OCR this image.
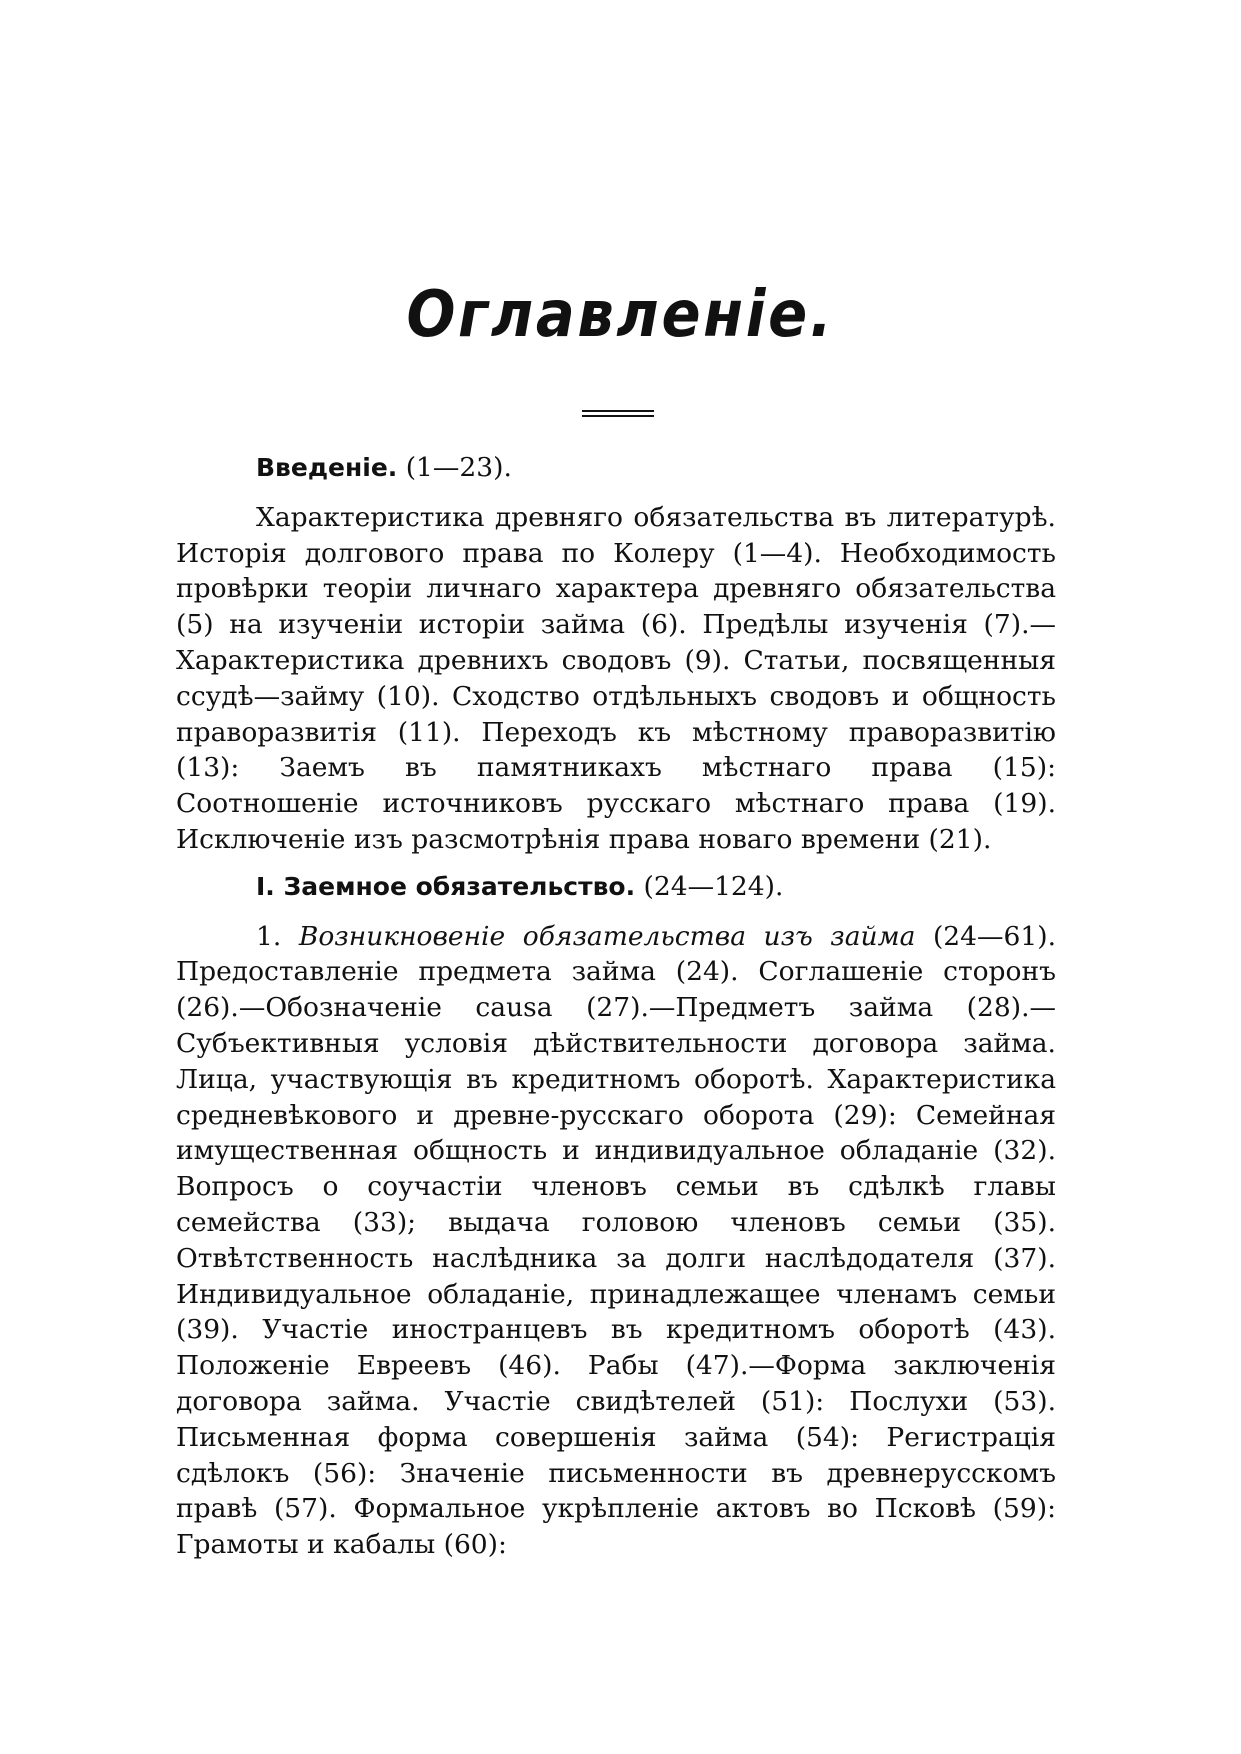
Оглавленіе.
Введеніе. (1—23).

Характеристика древняго обязательства въ литературѣ. Исторія долгового права по Колеру (1—4). Необходимость провѣрки теоріи личнаго характера древняго обязательства (5) на изученіи исторіи займа (6). Предѣлы изученія (7).—Характеристика древнихъ сводовъ (9). Статьи, посвященныя ссудѣ—займу (10). Сходство отдѣльныхъ сводовъ и общность праворазвитія (11). Переходъ къ мѣстному праворазвитію (13): Заемъ въ памятникахъ мѣстнаго права (15): Соотношеніе источниковъ русскаго мѣстнаго права (19). Исключеніе изъ разсмотрѣнія права новаго времени (21).

I. Заемное обязательство. (24—124).

1. Возникновеніе обязательства изъ займа (24—61). Предоставленіе предмета займа (24). Соглашеніе сторонъ (26).—Обозначеніе causa (27).—Предметъ займа (28).—Субъективныя условія дѣйствительности договора займа. Лица, участвующія въ кредитномъ оборотѣ. Характеристика средневѣкового и древне-русскаго оборота (29): Семейная имущественная общность и индивидуальное обладаніе (32). Вопросъ о соучастіи членовъ семьи въ сдѣлкѣ главы семейства (33); выдача головою членовъ семьи (35). Отвѣтственность наслѣдника за долги наслѣдодателя (37). Индивидуальное обладаніе, принадлежащее членамъ семьи (39). Участіе иностранцевъ въ кредитномъ оборотѣ (43). Положеніе Евреевъ (46). Рабы (47).—Форма заключенія договора займа. Участіе свидѣтелей (51): Послухи (53). Письменная форма совершенія займа (54): Регистрація сдѣлокъ (56): Значеніе письменности въ древнерусскомъ правѣ (57). Формальное укрѣпленіе актовъ во Псковѣ (59): Грамоты и кабалы (60):
